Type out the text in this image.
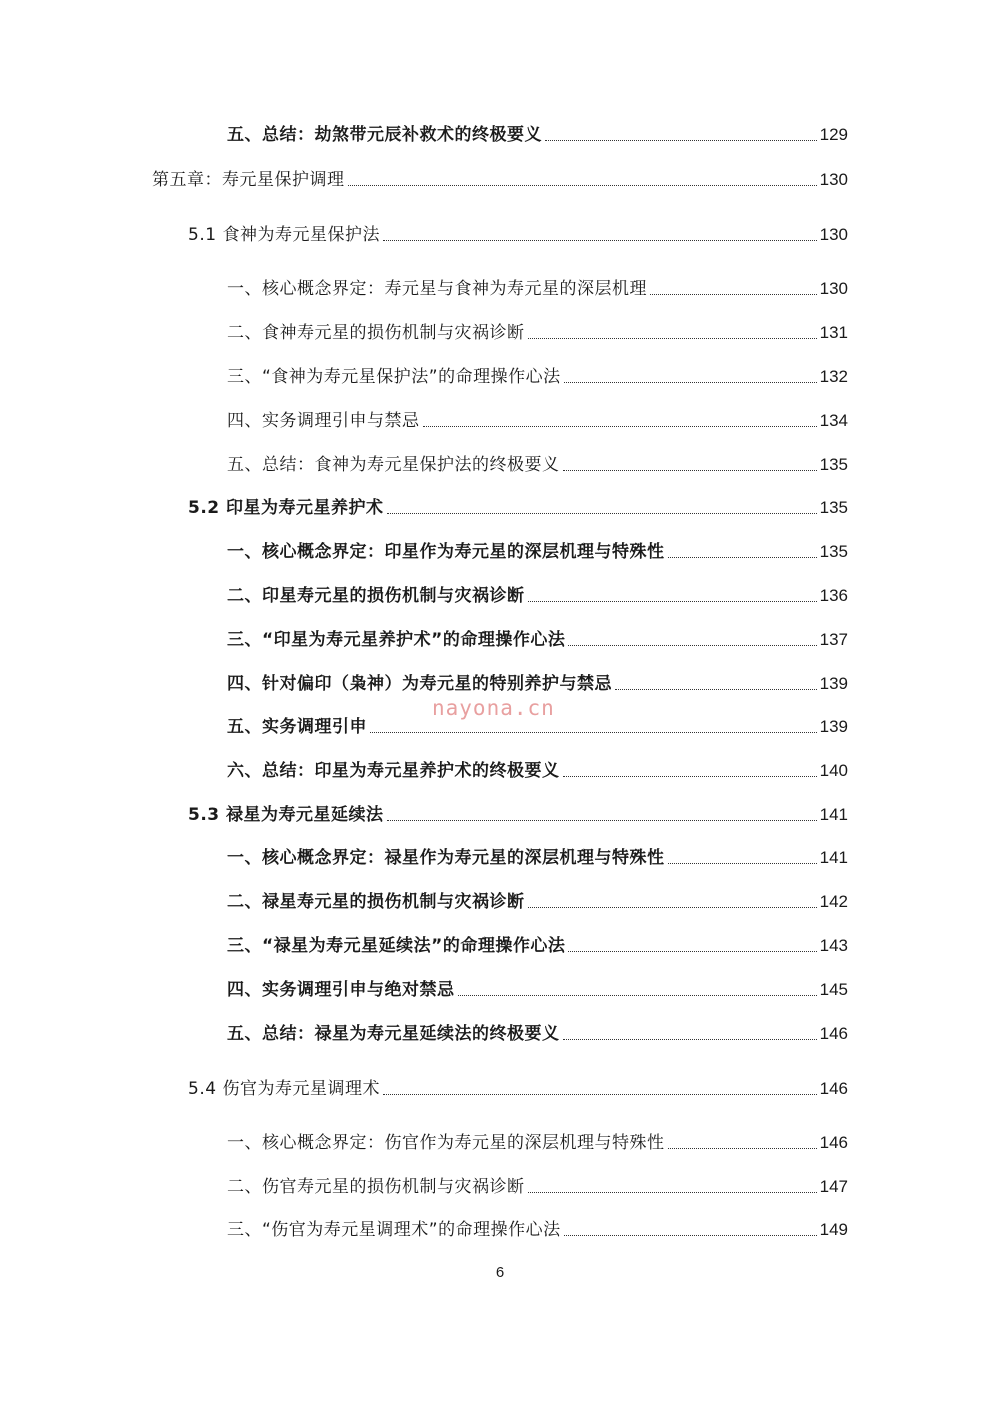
五、总结：劫煞带元辰补救术的终极要义	129
第五章：寿元星保护调理	130
5.1 食神为寿元星保护法	130
一、核心概念界定：寿元星与食神为寿元星的深层机理	130
二、食神寿元星的损伤机制与灾祸诊断	131
三、“食神为寿元星保护法”的命理操作心法	132
四、实务调理引申与禁忌	134
五、总结：食神为寿元星保护法的终极要义	135
5.2 印星为寿元星养护术	135
一、核心概念界定：印星作为寿元星的深层机理与特殊性	135
二、印星寿元星的损伤机制与灾祸诊断	136
三、“印星为寿元星养护术”的命理操作心法	137
四、针对偏印（枭神）为寿元星的特别养护与禁忌	139
五、实务调理引申	139
六、总结：印星为寿元星养护术的终极要义	140
5.3 禄星为寿元星延续法	141
一、核心概念界定：禄星作为寿元星的深层机理与特殊性	141
二、禄星寿元星的损伤机制与灾祸诊断	142
三、“禄星为寿元星延续法”的命理操作心法	143
四、实务调理引申与绝对禁忌	145
五、总结：禄星为寿元星延续法的终极要义	146
5.4 伤官为寿元星调理术	146
一、核心概念界定：伤官作为寿元星的深层机理与特殊性	146
二、伤官寿元星的损伤机制与灾祸诊断	147
三、“伤官为寿元星调理术”的命理操作心法	149
nayona.cn
6
